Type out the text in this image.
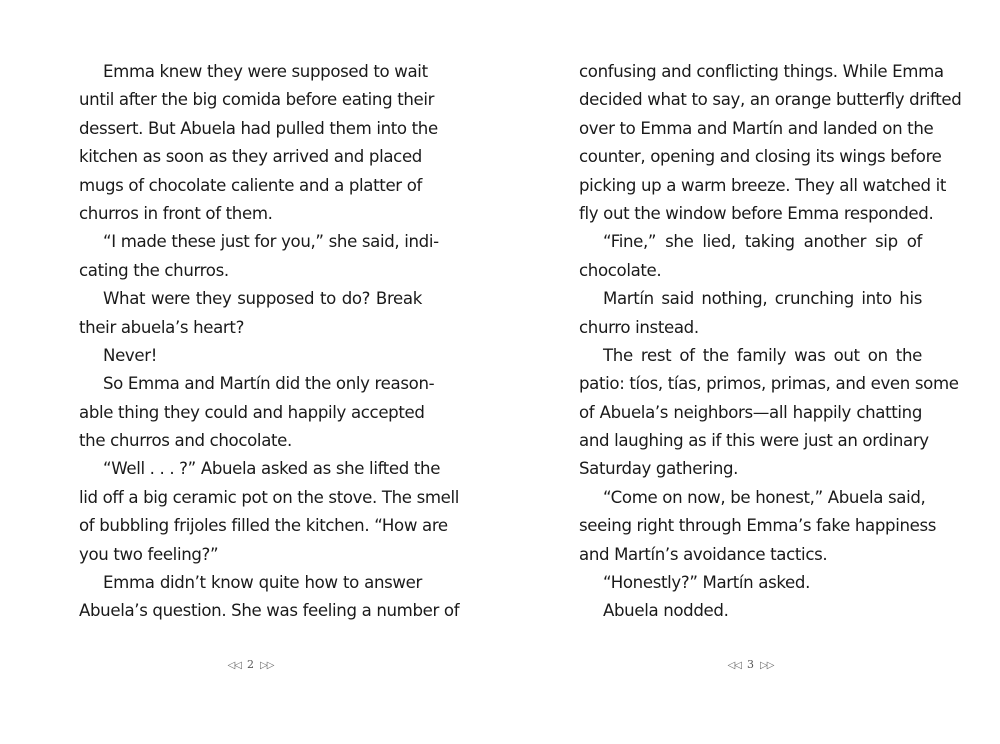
Emma knew they were supposed to wait
until after the big comida before eating their
dessert. But Abuela had pulled them into the
kitchen as soon as they arrived and placed
mugs of chocolate caliente and a platter of
churros in front of them.
“I made these just for you,” she said, indi-
cating the churros.
What were they supposed to do? Break
their abuela’s heart?
Never!
So Emma and Martín did the only reason-
able thing they could and happily accepted
the churros and chocolate.
“Well . . . ?” Abuela asked as she lifted the
lid off a big ceramic pot on the stove. The smell
of bubbling frijoles filled the kitchen. “How are
you two feeling?”
Emma didn’t know quite how to answer
Abuela’s question. She was feeling a number of
◁◁ 2 ▷▷
confusing and conflicting things. While Emma
decided what to say, an orange butterfly drifted
over to Emma and Martín and landed on the
counter, opening and closing its wings before
picking up a warm breeze. They all watched it
fly out the window before Emma responded.
“Fine,” she lied, taking another sip of
chocolate.
Martín said nothing, crunching into his
churro instead.
The rest of the family was out on the
patio: tíos, tías, primos, primas, and even some
of Abuela’s neighbors—all happily chatting
and laughing as if this were just an ordinary
Saturday gathering.
“Come on now, be honest,” Abuela said,
seeing right through Emma’s fake happiness
and Martín’s avoidance tactics.
“Honestly?” Martín asked.
Abuela nodded.
◁◁ 3 ▷▷
